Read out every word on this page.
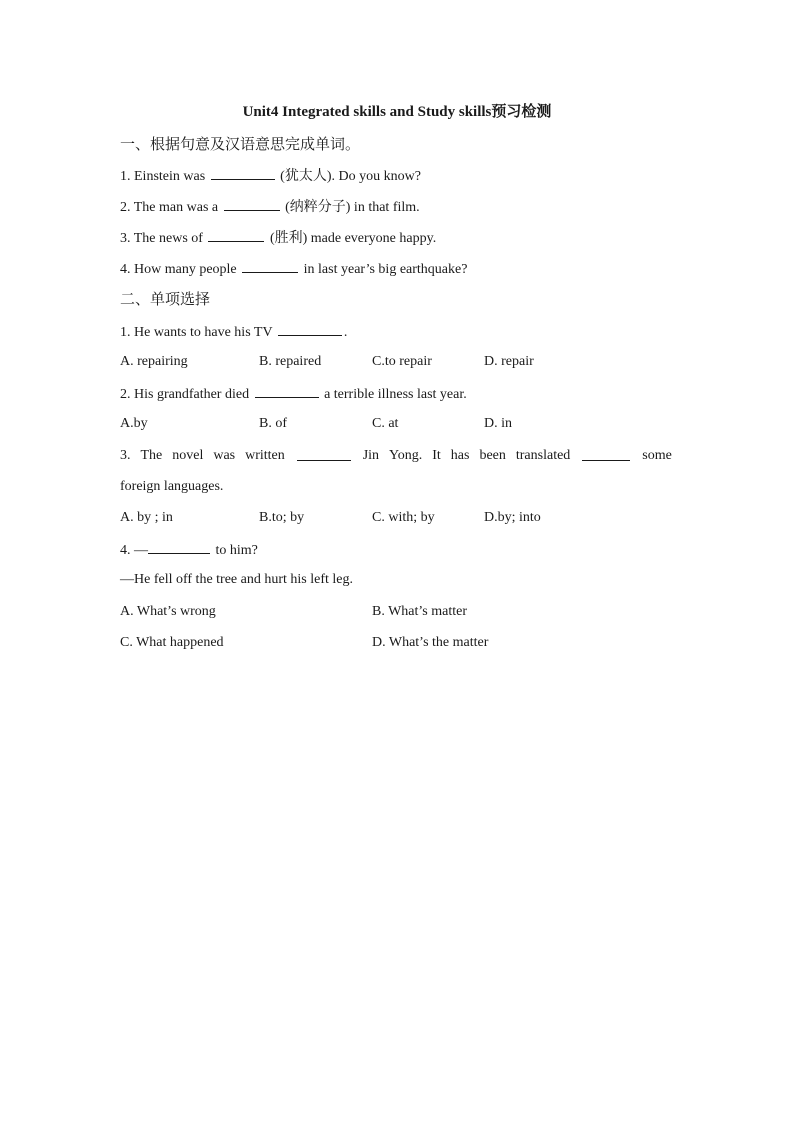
Unit4 Integrated skills and Study skills预习检测
一、根据句意及汉语意思完成单词。
1. Einstein was	(犹太人). Do you know?
2. The man was a	(纳粹分子) in that film.
3. The news of	(胜利) made everyone happy.
4. How many people	in last year’s big earthquake?
二、单项选择
1. He wants to have his TV	.
A. repairing	B. repaired	C.to repair	D. repair
2. His grandfather died	a terrible illness last year.
A.by	B. of	C. at	D. in
3. The novel was written	Jin Yong. It has been translated	some
foreign languages.
A. by ; in	B.to; by	C. with; by	D.by; into
4. —	to him?
—He fell off the tree and hurt his left leg.
A. What’s wrong	B. What’s matter
C. What happened	D. What’s the matter
